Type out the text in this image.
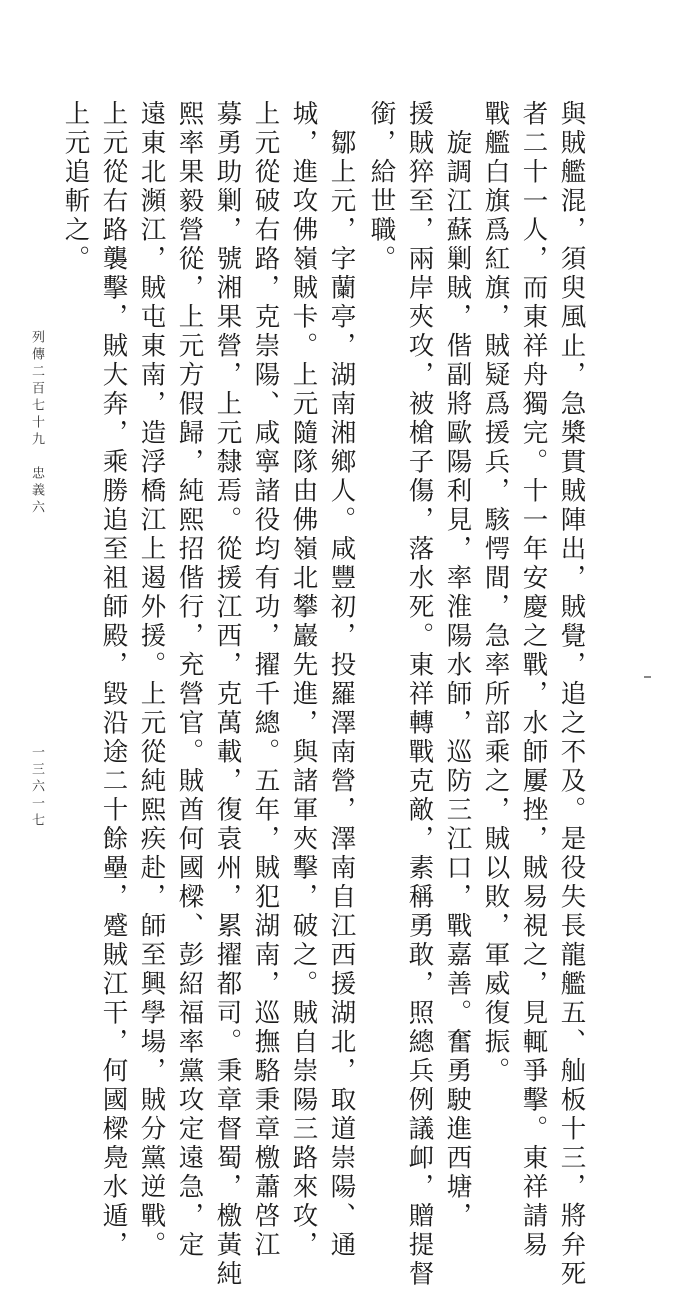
與賊艦混，須臾風止，急槳貫賊陣出，賊覺，追之不及。是役失長龍艦五、舢板十三，將弁死
者二十一人，而東祥舟獨完。十一年安慶之戰，水師屢挫，賊易視之，見輒爭擊。東祥請易
戰艦白旗爲紅旗，賊疑爲援兵，駭愕間，急率所部乘之，賊以敗，軍威復振。
旋調江蘇剿賊，偕副將歐陽利見，率淮陽水師，巡防三江口，戰嘉善。奮勇駛進西塘，
援賊猝至，兩岸夾攻，被槍子傷，落水死。東祥轉戰克敵，素稱勇敢，照總兵例議卹，贈提督
銜，給世職。
鄒上元，字蘭亭，湖南湘鄉人。咸豐初，投羅澤南營，澤南自江西援湖北，取道崇陽、通
城，進攻佛嶺賊卡。上元隨隊由佛嶺北攀巖先進，與諸軍夾擊，破之。賊自崇陽三路來攻，
上元從破右路，克崇陽、咸寧諸役均有功，擢千總。五年，賊犯湖南，巡撫駱秉章檄蕭啓江
募勇助剿，號湘果營，上元隸焉。從援江西，克萬載，復袁州，累擢都司。秉章督蜀，檄黃純
熙率果毅營從，上元方假歸，純熙招偕行，充營官。賊酋何國樑、彭紹福率黨攻定遠急，定
遠東北瀕江，賊屯東南，造浮橋江上遏外援。上元從純熙疾赴，師至興學場，賊分黨逆戰。
上元從右路襲擊，賊大奔，乘勝追至祖師殿，毀沿途二十餘壘，蹙賊江干，何國樑鳧水遁，
上元追斬之。
列傳二百七十九　忠義六
一三六一七
